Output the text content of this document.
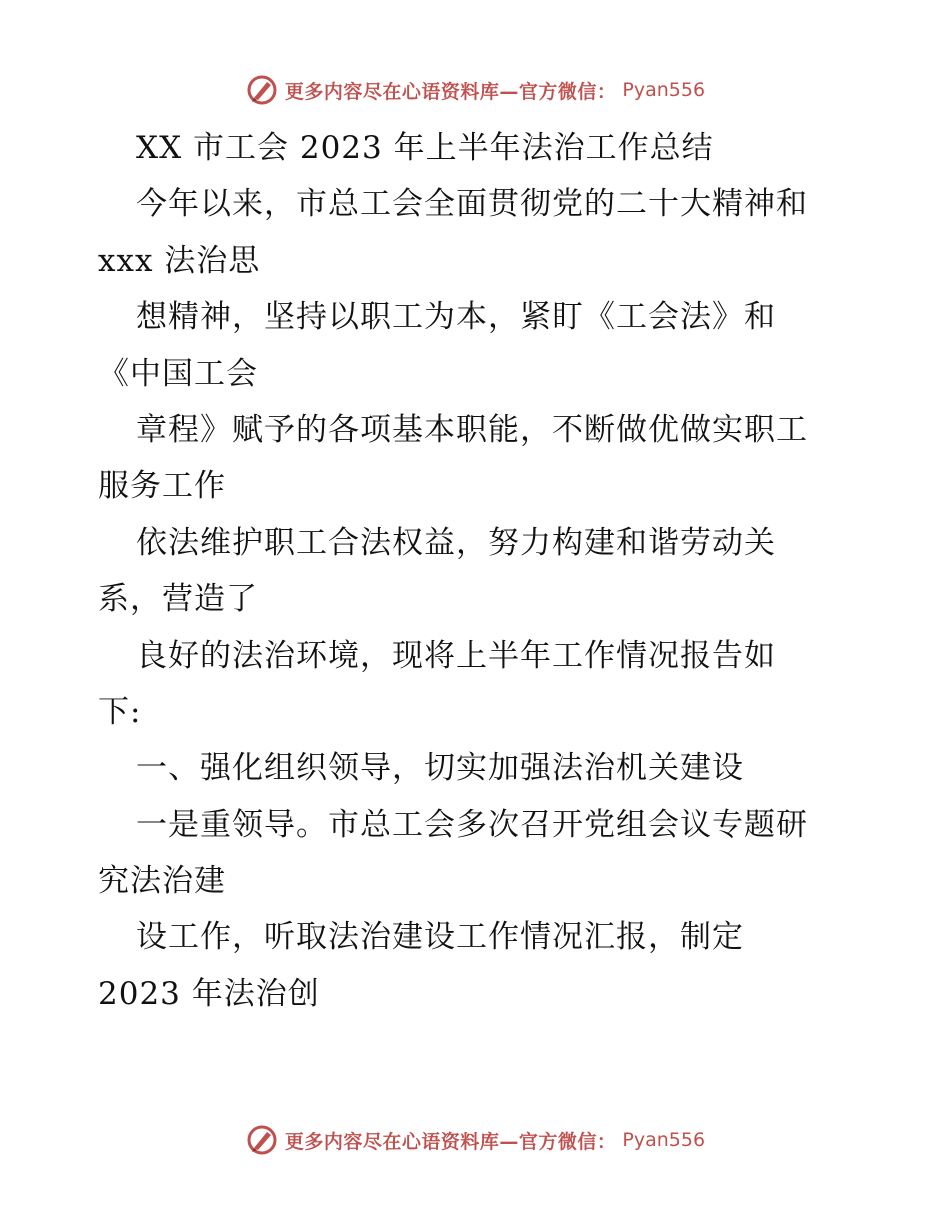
更多内容尽在心语资料库—官方微信： Pyan556
XX 市工会 2023 年上半年法治工作总结
今年以来，市总工会全面贯彻党的二十大精神和
xxx 法治思
想精神，坚持以职工为本，紧盯《工会法》和
《中国工会
章程》赋予的各项基本职能，不断做优做实职工
服务工作
依法维护职工合法权益，努力构建和谐劳动关
系，营造了
良好的法治环境，现将上半年工作情况报告如
下:
一、强化组织领导，切实加强法治机关建设
一是重领导。市总工会多次召开党组会议专题研
究法治建
设工作，听取法治建设工作情况汇报，制定
2023 年法治创
更多内容尽在心语资料库—官方微信： Pyan556
